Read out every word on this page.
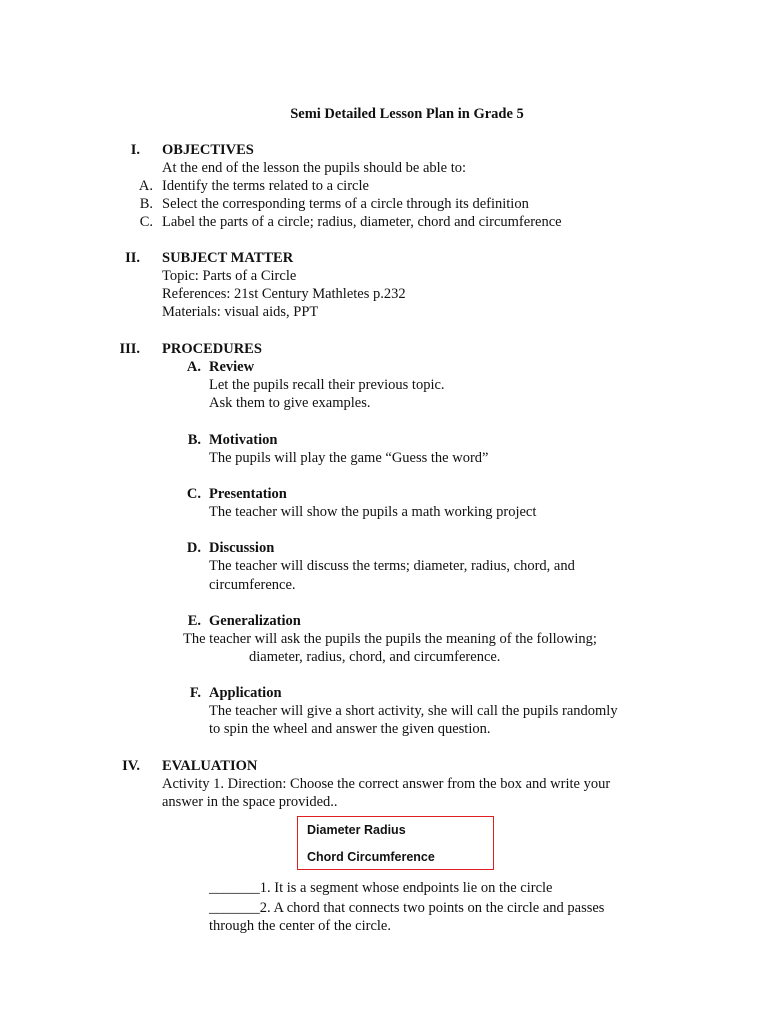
Semi Detailed Lesson Plan in Grade 5
I. OBJECTIVES
At the end of the lesson the pupils should be able to:
A. Identify the terms related to a circle
B. Select the corresponding terms of a circle through its definition
C. Label the parts of a circle; radius, diameter, chord and circumference
II. SUBJECT MATTER
Topic: Parts of a Circle
References: 21st Century Mathletes p.232
Materials: visual aids, PPT
III. PROCEDURES
A. Review
Let the pupils recall their previous topic.
Ask them to give examples.
B. Motivation
The pupils will play the game “Guess the word”
C. Presentation
The teacher will show the pupils a math working project
D. Discussion
The teacher will discuss the terms; diameter, radius, chord, and
circumference.
E. Generalization
The teacher will ask the pupils the pupils the meaning of the following;
diameter, radius, chord, and circumference.
F. Application
The teacher will give a short activity, she will call the pupils randomly
to spin the wheel and answer the given question.
IV. EVALUATION
Activity 1. Direction: Choose the correct answer from the box and write your
answer in the space provided..
Diameter Radius
Chord Circumference
_______1. It is a segment whose endpoints lie on the circle
_______2. A chord that connects two points on the circle and passes
through the center of the circle.
